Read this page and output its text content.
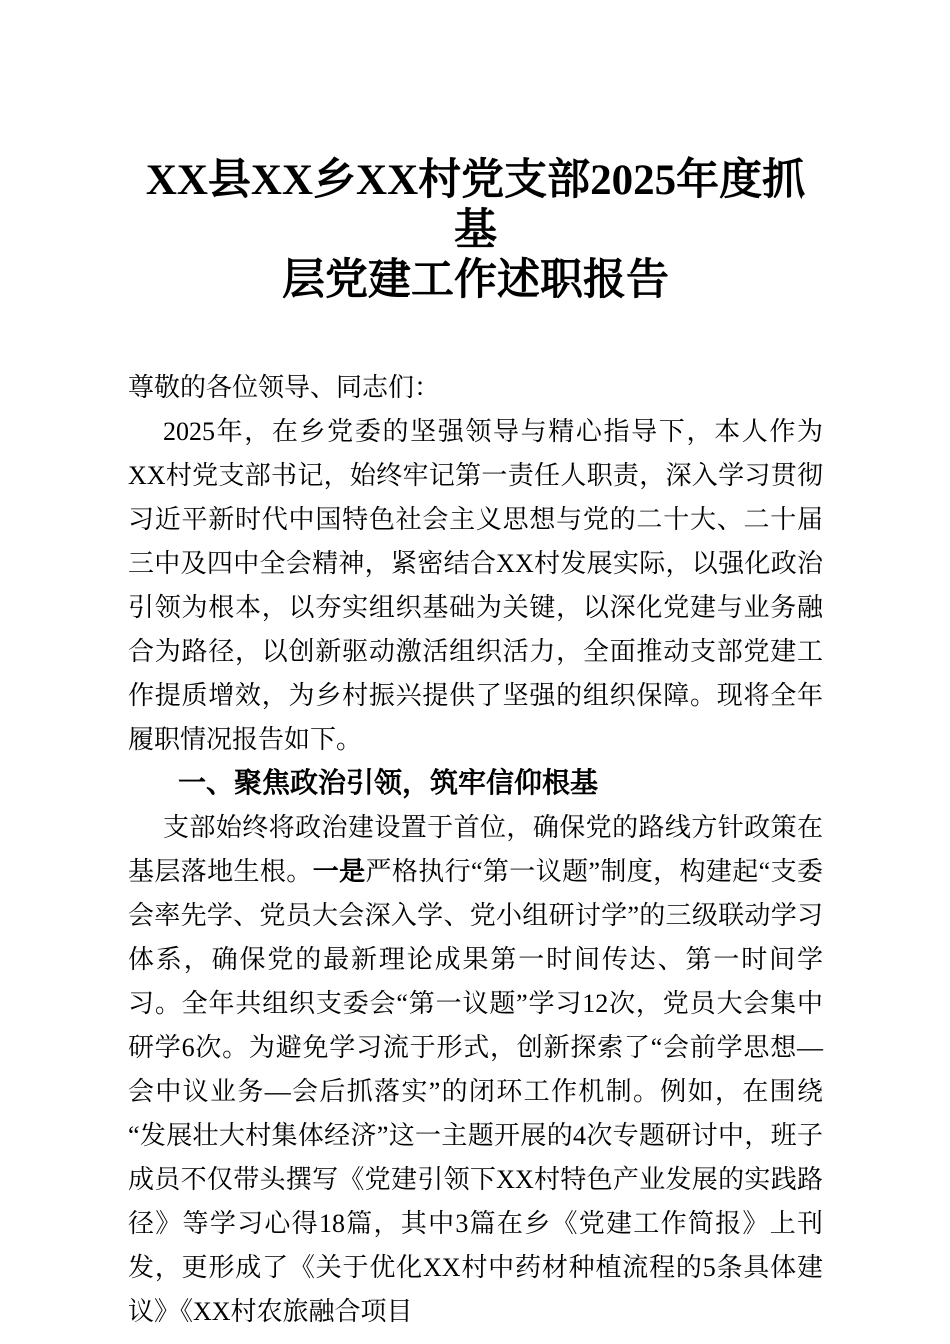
XX县XX乡XX村党支部2025年度抓基
层党建工作述职报告

尊敬的各位领导、同志们：

2025年，在乡党委的坚强领导与精心指导下，本人作为XX村党支部书记，始终牢记第一责任人职责，深入学习贯彻习近平新时代中国特色社会主义思想与党的二十大、二十届三中及四中全会精神，紧密结合XX村发展实际，以强化政治引领为根本，以夯实组织基础为关键，以深化党建与业务融合为路径，以创新驱动激活组织活力，全面推动支部党建工作提质增效，为乡村振兴提供了坚强的组织保障。现将全年履职情况报告如下。

一、聚焦政治引领，筑牢信仰根基

支部始终将政治建设置于首位，确保党的路线方针政策在基层落地生根。一是严格执行“第一议题”制度，构建起“支委会率先学、党员大会深入学、党小组研讨学”的三级联动学习体系，确保党的最新理论成果第一时间传达、第一时间学习。全年共组织支委会“第一议题”学习12次，党员大会集中研学6次。为避免学习流于形式，创新探索了“会前学思想—会中议业务—会后抓落实”的闭环工作机制。例如，在围绕“发展壮大村集体经济”这一主题开展的4次专题研讨中，班子成员不仅带头撰写《党建引领下XX村特色产业发展的实践路径》等学习心得18篇，其中3篇在乡《党建工作简报》上刊发，更形成了《关于优化XX村中药材种植流程的5条具体建议》《XX村农旅融合项目
